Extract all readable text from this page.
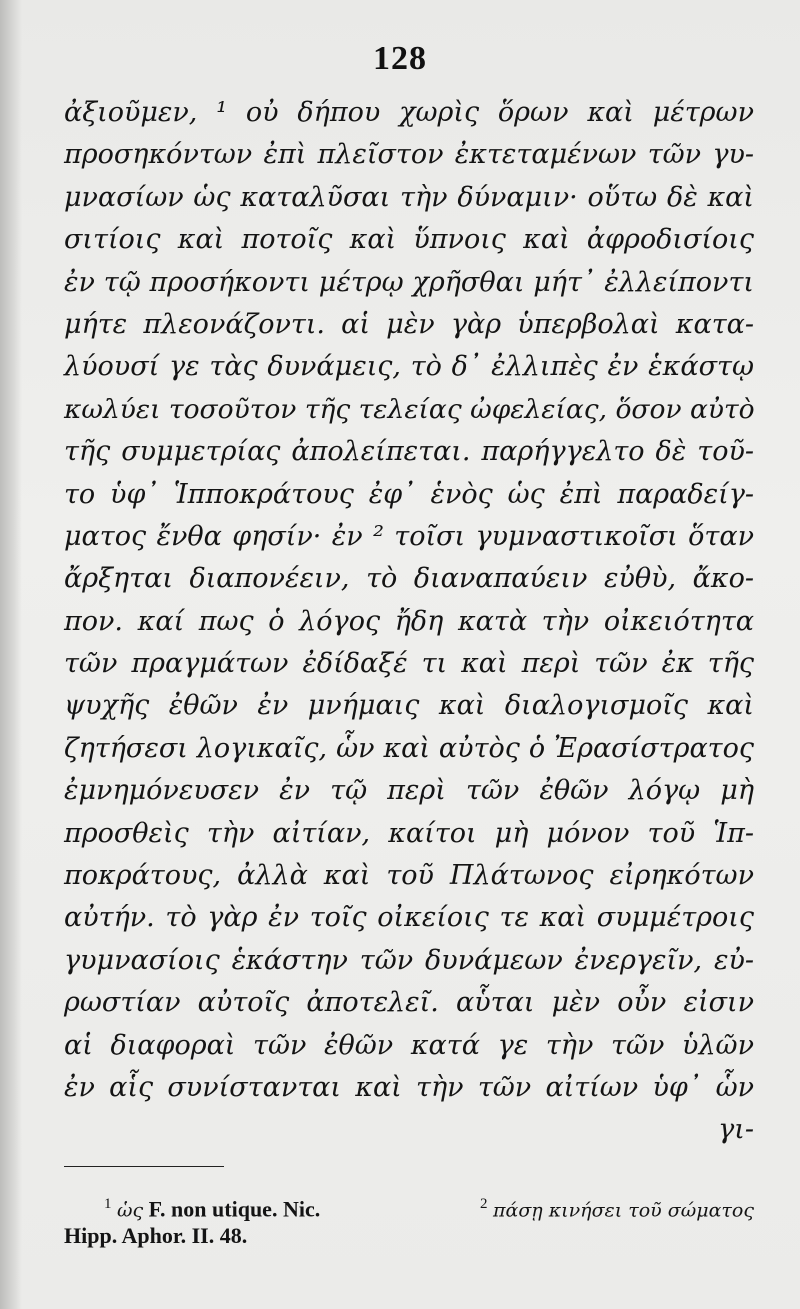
128
ἀξιοῦμεν, ¹ οὐ δήπου χωρὶς ὅρων καὶ μέτρων
προσηκόντων ἐπὶ πλεῖστον ἐκτεταμένων τῶν γυ-
μνασίων ὡς καταλῦσαι τὴν δύναμιν· οὕτω δὲ καὶ
σιτίοις καὶ ποτοῖς καὶ ὕπνοις καὶ ἀφροδισίοις
ἐν τῷ προσήκοντι μέτρῳ χρῆσθαι μήτ᾽ ἐλλείποντι
μήτε πλεονάζοντι. αἱ μὲν γὰρ ὑπερβολαὶ κατα-
λύουσί γε τὰς δυνάμεις, τὸ δ᾽ ἐλλιπὲς ἐν ἑκάστῳ
κωλύει τοσοῦτον τῆς τελείας ὠφελείας, ὅσον αὐτὸ
τῆς συμμετρίας ἀπολείπεται. παρήγγελτο δὲ τοῦ-
το ὑφ᾽ Ἱπποκράτους ἐφ᾽ ἑνὸς ὡς ἐπὶ παραδείγ-
ματος ἔνθα φησίν· ἐν ² τοῖσι γυμναστικοῖσι ὅταν
ἄρξηται διαπονέειν, τὸ διαναπαύειν εὐθὺ, ἄκο-
πον. καί πως ὁ λόγος ἤδη κατὰ τὴν οἰκειότητα
τῶν πραγμάτων ἐδίδαξέ τι καὶ περὶ τῶν ἐκ τῆς
ψυχῆς ἐθῶν ἐν μνήμαις καὶ διαλογισμοῖς καὶ
ζητήσεσι λογικαῖς, ὧν καὶ αὐτὸς ὁ Ἐρασίστρατος
ἐμνημόνευσεν ἐν τῷ περὶ τῶν ἐθῶν λόγῳ μὴ
προσθεὶς τὴν αἰτίαν, καίτοι μὴ μόνον τοῦ Ἱπ-
ποκράτους, ἀλλὰ καὶ τοῦ Πλάτωνος εἰρηκότων
αὐτήν. τὸ γὰρ ἐν τοῖς οἰκείοις τε καὶ συμμέτροις
γυμνασίοις ἑκάστην τῶν δυνάμεων ἐνεργεῖν, εὐ-
ρωστίαν αὐτοῖς ἀποτελεῖ. αὗται μὲν οὖν εἰσιν
αἱ διαφοραὶ τῶν ἐθῶν κατά γε τὴν τῶν ὑλῶν
ἐν αἷς συνίστανται καὶ τὴν τῶν αἰτίων ὑφ᾽ ὧν
γι-
$^1$ ὡς F. non utique. Nic.	$^2$ πάσῃ κινήσει τοῦ σώματος
Hipp. Aphor. II. 48.
